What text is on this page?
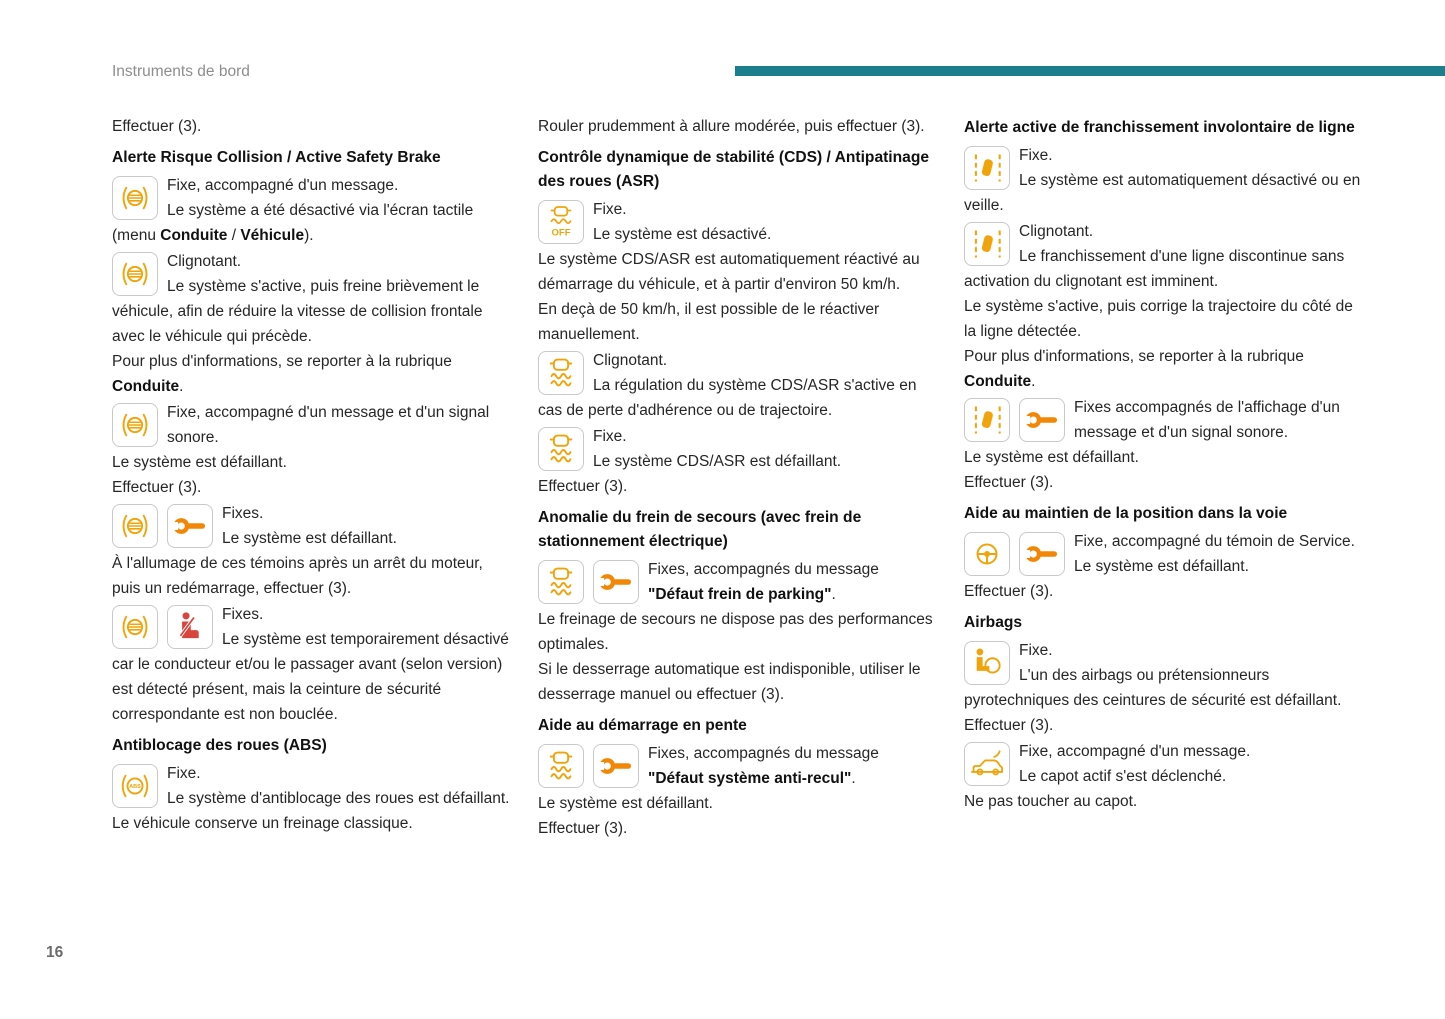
Instruments de bord

Effectuer (3).

Alerte Risque Collision / Active Safety Brake
Fixe, accompagné d'un message.
Le système a été désactivé via l'écran tactile (menu Conduite / Véhicule).
Clignotant.
Le système s'active, puis freine brièvement le véhicule, afin de réduire la vitesse de collision frontale avec le véhicule qui précède.
Pour plus d'informations, se reporter à la rubrique Conduite.
Fixe, accompagné d'un message et d'un signal sonore.
Le système est défaillant.
Effectuer (3).
Fixes.
Le système est défaillant.
À l'allumage de ces témoins après un arrêt du moteur, puis un redémarrage, effectuer (3).
Fixes.
Le système est temporairement désactivé car le conducteur et/ou le passager avant (selon version) est détecté présent, mais la ceinture de sécurité correspondante est non bouclée.
Antiblocage des roues (ABS)
ABS
Fixe.
Le système d'antiblocage des roues est défaillant.
Le véhicule conserve un freinage classique.

Rouler prudemment à allure modérée, puis effectuer (3).

Contrôle dynamique de stabilité (CDS) / Antipatinage des roues (ASR)
OFF
Fixe.
Le système est désactivé.
Le système CDS/ASR est automatiquement réactivé au démarrage du véhicule, et à partir d'environ 50 km/h.
En deçà de 50 km/h, il est possible de le réactiver manuellement.
Clignotant.
La régulation du système CDS/ASR s'active en cas de perte d'adhérence ou de trajectoire.
Fixe.
Le système CDS/ASR est défaillant.
Effectuer (3).
Anomalie du frein de secours (avec frein de stationnement électrique)
Fixes, accompagnés du message "Défaut frein de parking".
Le freinage de secours ne dispose pas des performances optimales.
Si le desserrage automatique est indisponible, utiliser le desserrage manuel ou effectuer (3).
Aide au démarrage en pente
Fixes, accompagnés du message "Défaut système anti-recul".
Le système est défaillant.
Effectuer (3).
Alerte active de franchissement involontaire de ligne
Fixe.
Le système est automatiquement désactivé ou en veille.
Clignotant.
Le franchissement d'une ligne discontinue sans activation du clignotant est imminent.
Le système s'active, puis corrige la trajectoire du côté de la ligne détectée.
Pour plus d'informations, se reporter à la rubrique Conduite.
Fixes accompagnés de l'affichage d'un message et d'un signal sonore.
Le système est défaillant.
Effectuer (3).
Aide au maintien de la position dans la voie
Fixe, accompagné du témoin de Service.
Le système est défaillant.
Effectuer (3).
Airbags
Fixe.
L'un des airbags ou prétensionneurs pyrotechniques des ceintures de sécurité est défaillant.
Effectuer (3).
Fixe, accompagné d'un message.
Le capot actif s'est déclenché.
Ne pas toucher au capot.
16
